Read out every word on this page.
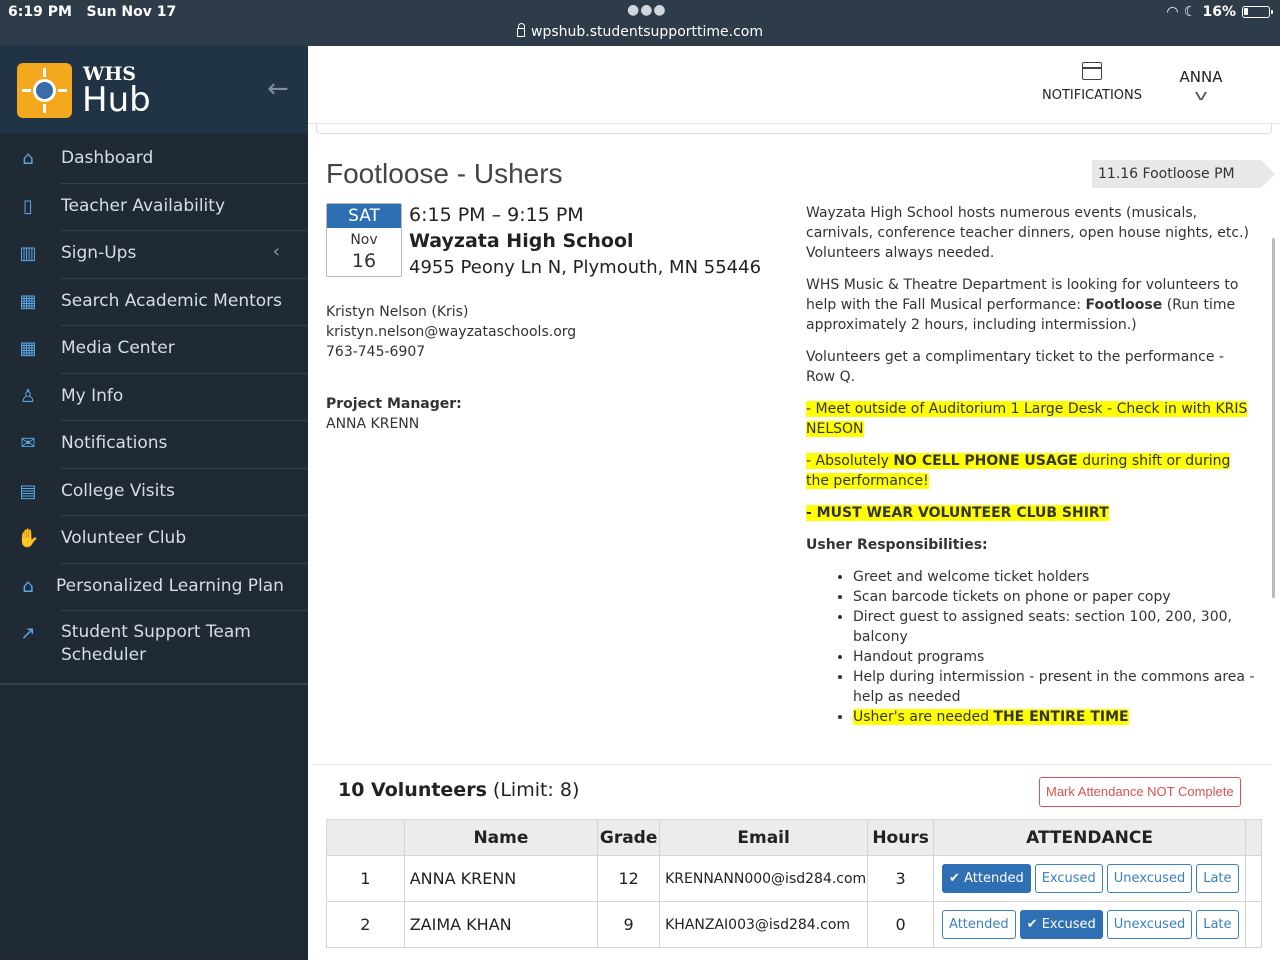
6:19 PM Sun Nov 17	●●●
wpshub.studentsupporttime.com
◠ ☾ 16%
WHS
Hub	←
⌂	Dashboard
▯	Teacher Availability
▥ Sign-Ups	‹
▦ Search Academic Mentors
▦ Media Center
♙ My Info
✉ Notifications
▤ College Visits
✋ Volunteer Club
⌂	Personalized Learning Plan
↗ Student Support Team Scheduler
NOTIFICATIONS
ANNA
v
Footloose - Ushers	11.16 Footloose PM
SAT
Nov
16
6:15 PM – 9:15 PM
Wayzata High School
4955 Peony Ln N, Plymouth, MN 55446
Kristyn Nelson (Kris)
kristyn.nelson@wayzataschools.org
763-745-6907
Project Manager:
ANNA KRENN

Wayzata High School hosts numerous events (musicals, carnivals, conference teacher dinners, open house nights, etc.) Volunteers always needed.

WHS Music & Theatre Department is looking for volunteers to help with the Fall Musical performance: Footloose (Run time approximately 2 hours, including intermission.)

Volunteers get a complimentary ticket to the performance - Row Q.

- Meet outside of Auditorium 1 Large Desk - Check in with KRIS NELSON

- Absolutely NO CELL PHONE USAGE during shift or during the performance!

- MUST WEAR VOLUNTEER CLUB SHIRT

Usher Responsibilities:

• Greet and welcome ticket holders
• Scan barcode tickets on phone or paper copy
• Direct guest to assigned seats: section 100, 200, 300, balcony
• Handout programs
• Help during intermission - present in the commons area - help as needed
• Usher's are needed THE ENTIRE TIME
10 Volunteers (Limit: 8)	Mark Attendance NOT Complete
	Name	Grade	Email	Hours	ATTENDANCE	
1	ANNA KRENN	12	KRENNANN000@isd284.com	3	✔ Attended Excused Unexcused Late	
2	ZAIMA KHAN	9	KHANZAI003@isd284.com	0	Attended ✔ Excused Unexcused Late	
